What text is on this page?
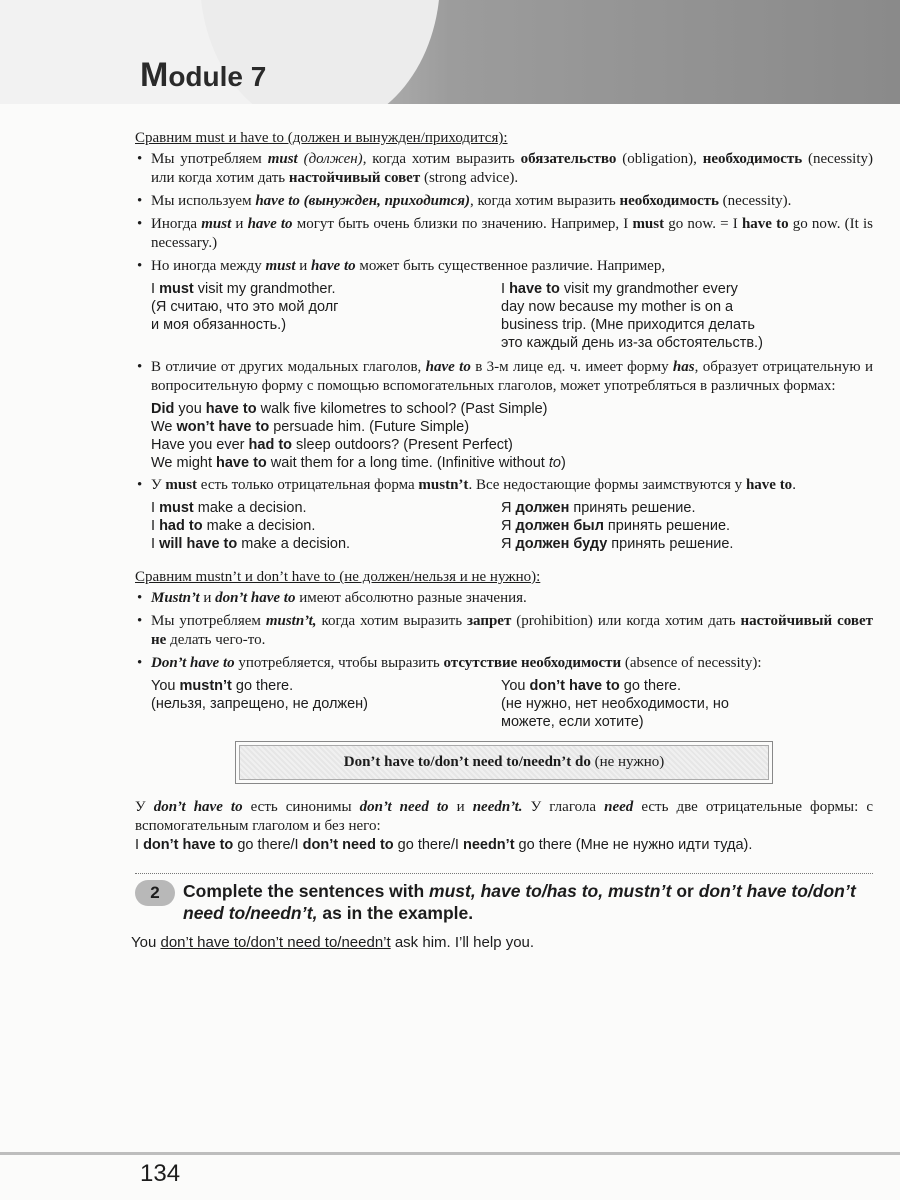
Module 7
Сравним must и have to (должен и вынужден/приходится):
• Мы употребляем must (должен), когда хотим выразить обязательство (obligation), необходимость (necessity) или когда хотим дать настойчивый совет (strong advice).
• Мы используем have to (вынужден, приходится), когда хотим выразить необходимость (necessity).
• Иногда must и have to могут быть очень близки по значению. Например, I must go now. = I have to go now. (It is necessary.)
• Но иногда между must и have to может быть существенное различие. Например,
I must visit my grandmother.
(Я считаю, что это мой долг
и моя обязанность.)
I have to visit my grandmother every
day now because my mother is on a
business trip. (Мне приходится делать
это каждый день из-за обстоятельств.)
• В отличие от других модальных глаголов, have to в 3-м лице ед. ч. имеет форму has, образует отрицательную и вопросительную форму с помощью вспомогательных глаголов, может употребляться в различных формах:
Did you have to walk five kilometres to school? (Past Simple)
We won’t have to persuade him. (Future Simple)
Have you ever had to sleep outdoors? (Present Perfect)
We might have to wait them for a long time. (Infinitive without to)
• У must есть только отрицательная форма mustn’t. Все недостающие формы заимствуются у have to.
I must make a decision.
I had to make a decision.
I will have to make a decision.
Я должен принять решение.
Я должен был принять решение.
Я должен буду принять решение.
Сравним mustn’t и don’t have to (не должен/нельзя и не нужно):
• Mustn’t и don’t have to имеют абсолютно разные значения.
• Мы употребляем mustn’t, когда хотим выразить запрет (prohibition) или когда хотим дать настойчивый совет не делать чего-то.
• Don’t have to употребляется, чтобы выразить отсутствие необходимости (absence of necessity):
You mustn’t go there.
(нельзя, запрещено, не должен)
You don’t have to go there.
(не нужно, нет необходимости, но
можете, если хотите)
Don’t have to/don’t need to/needn’t do (не нужно)

У don’t have to есть синонимы don’t need to и needn’t. У глагола need есть две отрицательные формы: с вспомогательным глаголом и без него:

I don’t have to go there/I don’t need to go there/I needn’t go there (Мне не нужно идти туда).

2	Complete the sentences with must, have to/has to, mustn’t or don’t have to/don’t need to/needn’t, as in the example.
You don’t have to/don’t need to/needn’t ask him. I’ll help you.
134
